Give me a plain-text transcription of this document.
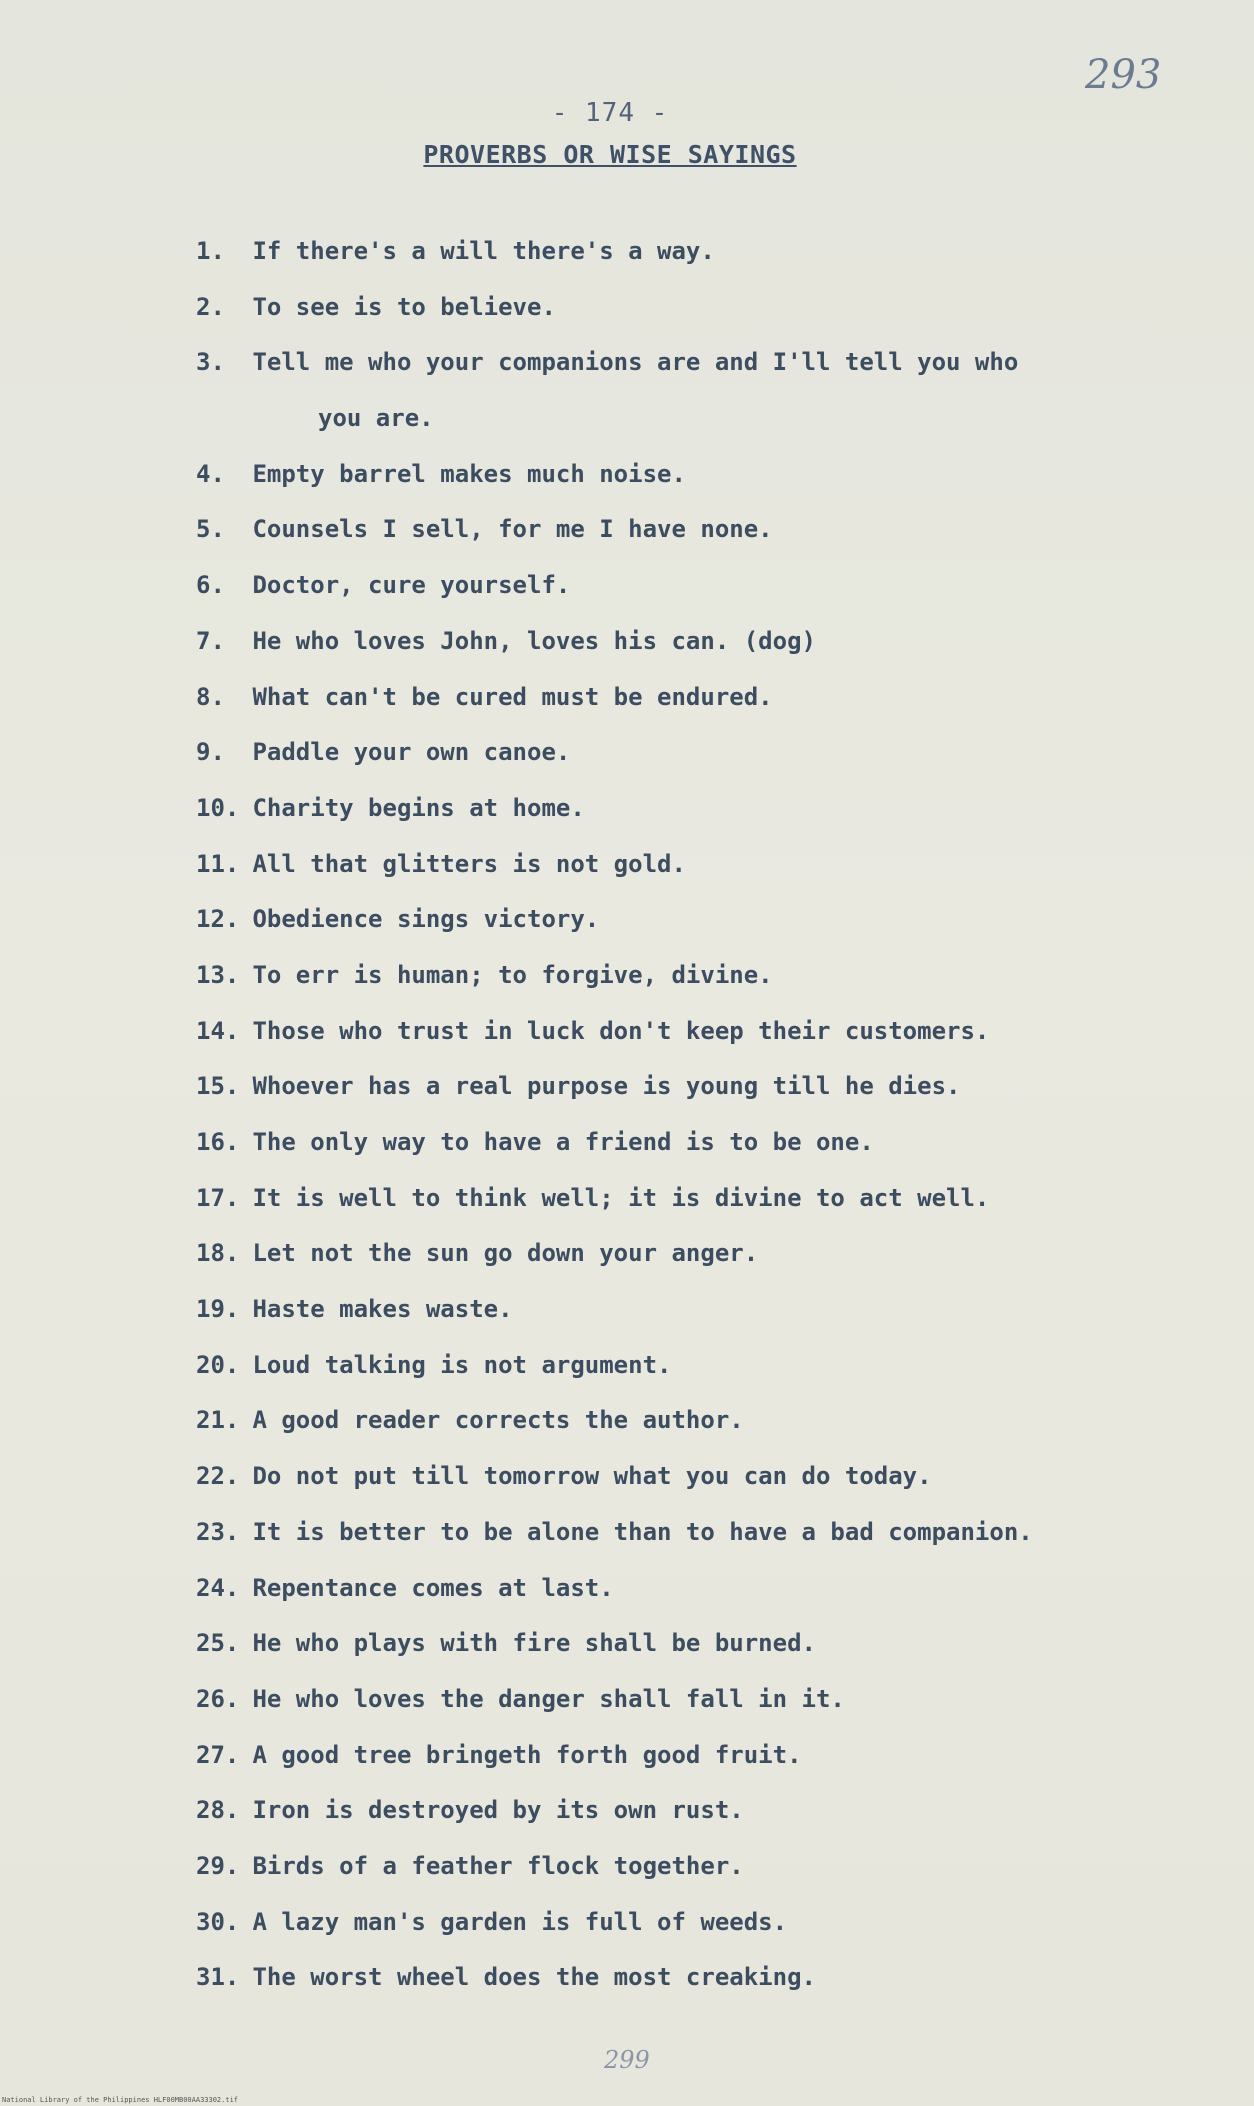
293
- 174 -
PROVERBS OR WISE SAYINGS
1. If there's a will there's a way.
2. To see is to believe.
3. Tell me who your companions are and I'll tell you who
you are.
4. Empty barrel makes much noise.
5. Counsels I sell, for me I have none.
6. Doctor, cure yourself.
7. He who loves John, loves his can. (dog)
8. What can't be cured must be endured.
9. Paddle your own canoe.
10. Charity begins at home.
11. All that glitters is not gold.
12. Obedience sings victory.
13. To err is human; to forgive, divine.
14. Those who trust in luck don't keep their customers.
15. Whoever has a real purpose is young till he dies.
16. The only way to have a friend is to be one.
17. It is well to think well; it is divine to act well.
18. Let not the sun go down your anger.
19. Haste makes waste.
20. Loud talking is not argument.
21. A good reader corrects the author.
22. Do not put till tomorrow what you can do today.
23. It is better to be alone than to have a bad companion.
24. Repentance comes at last.
25. He who plays with fire shall be burned.
26. He who loves the danger shall fall in it.
27. A good tree bringeth forth good fruit.
28. Iron is destroyed by its own rust.
29. Birds of a feather flock together.
30. A lazy man's garden is full of weeds.
31. The worst wheel does the most creaking.
299
National Library of the Philippines HLF00MB00AA33302.tif
